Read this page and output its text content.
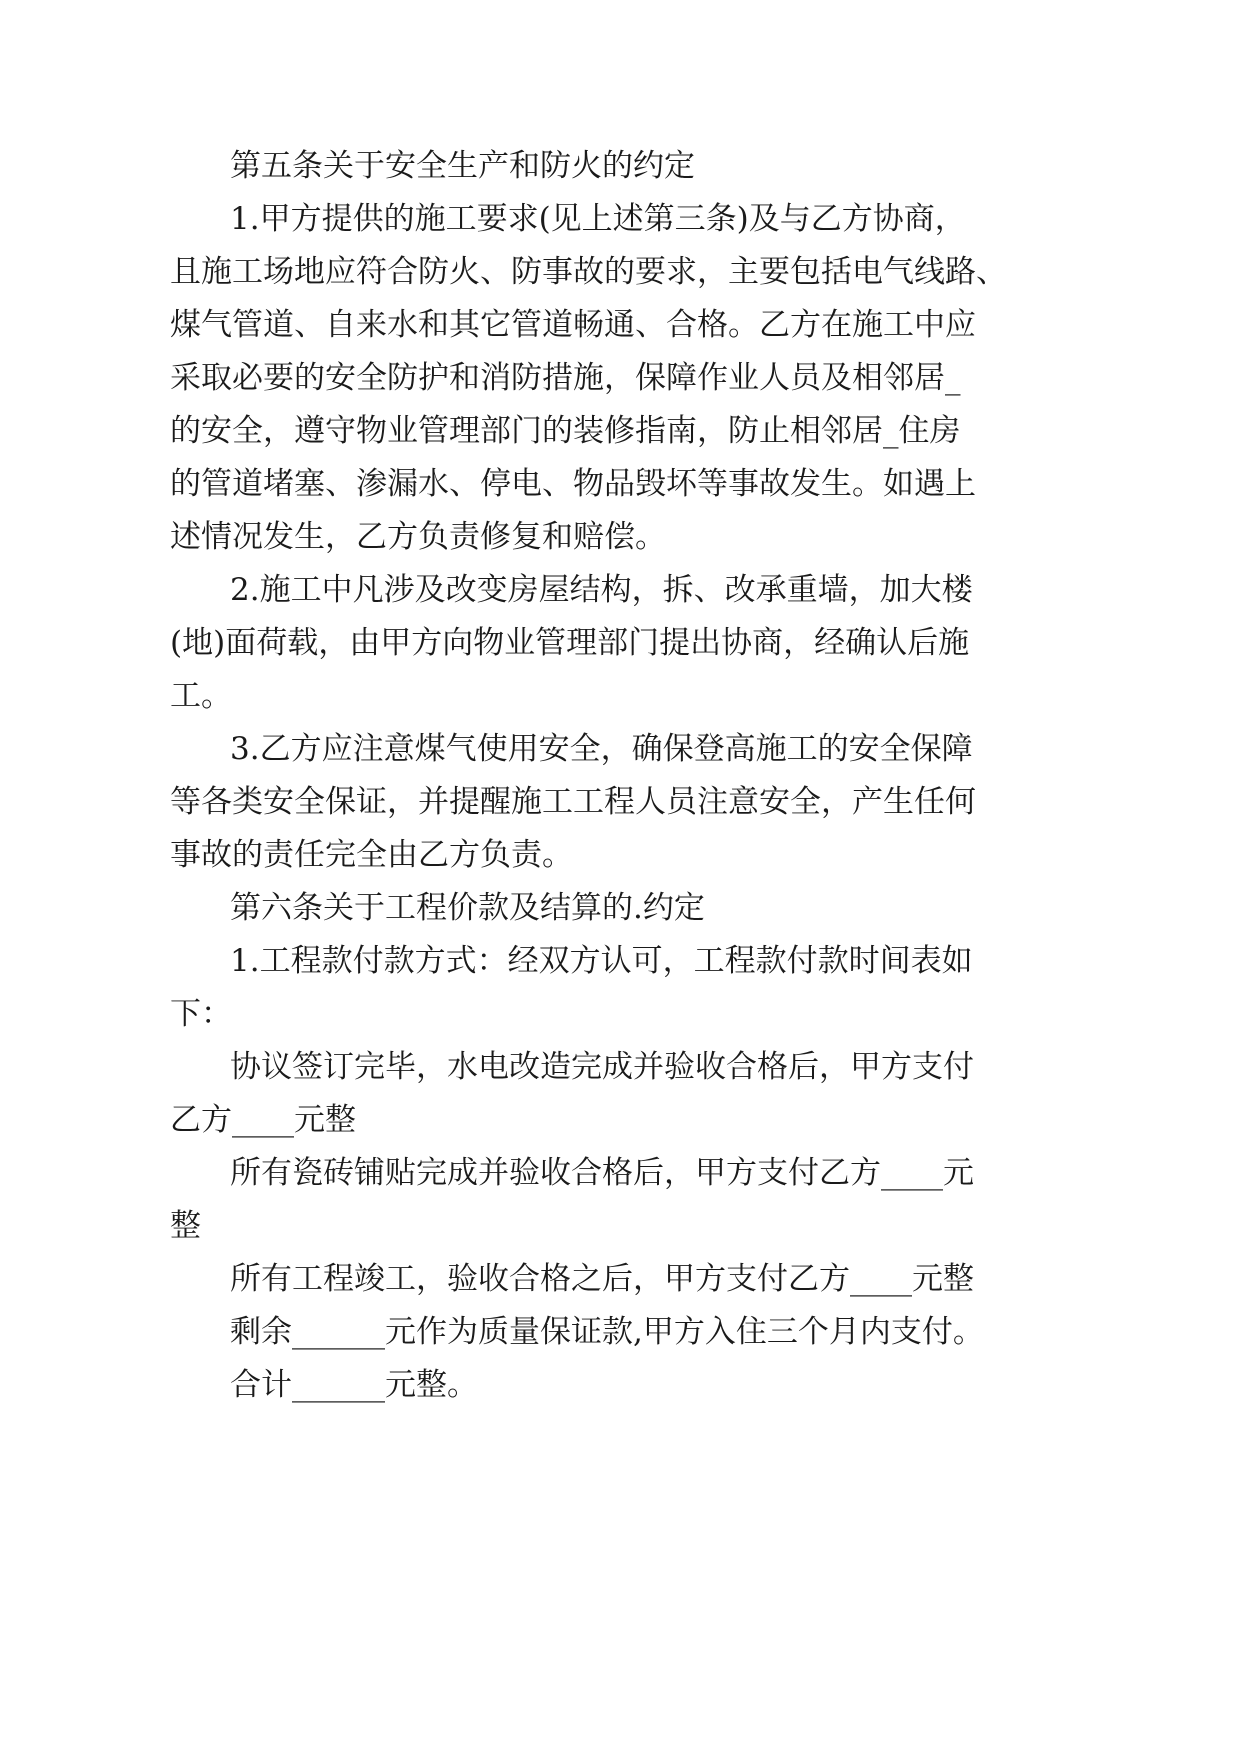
第五条关于安全生产和防火的约定
1.甲方提供的施工要求(见上述第三条)及与乙方协商，
且施工场地应符合防火、防事故的要求，主要包括电气线路、
煤气管道、自来水和其它管道畅通、合格。乙方在施工中应
采取必要的安全防护和消防措施，保障作业人员及相邻居_
的安全，遵守物业管理部门的装修指南，防止相邻居_住房
的管道堵塞、渗漏水、停电、物品毁坏等事故发生。如遇上
述情况发生，乙方负责修复和赔偿。
2.施工中凡涉及改变房屋结构，拆、改承重墙，加大楼
(地)面荷载，由甲方向物业管理部门提出协商，经确认后施
工。
3.乙方应注意煤气使用安全，确保登高施工的安全保障
等各类安全保证，并提醒施工工程人员注意安全，产生任何
事故的责任完全由乙方负责。
第六条关于工程价款及结算的.约定
1.工程款付款方式：经双方认可，工程款付款时间表如
下：
协议签订完毕，水电改造完成并验收合格后，甲方支付
乙方____元整
所有瓷砖铺贴完成并验收合格后，甲方支付乙方____元
整
所有工程竣工，验收合格之后，甲方支付乙方____元整
剩余______元作为质量保证款,甲方入住三个月内支付。
合计______元整。
